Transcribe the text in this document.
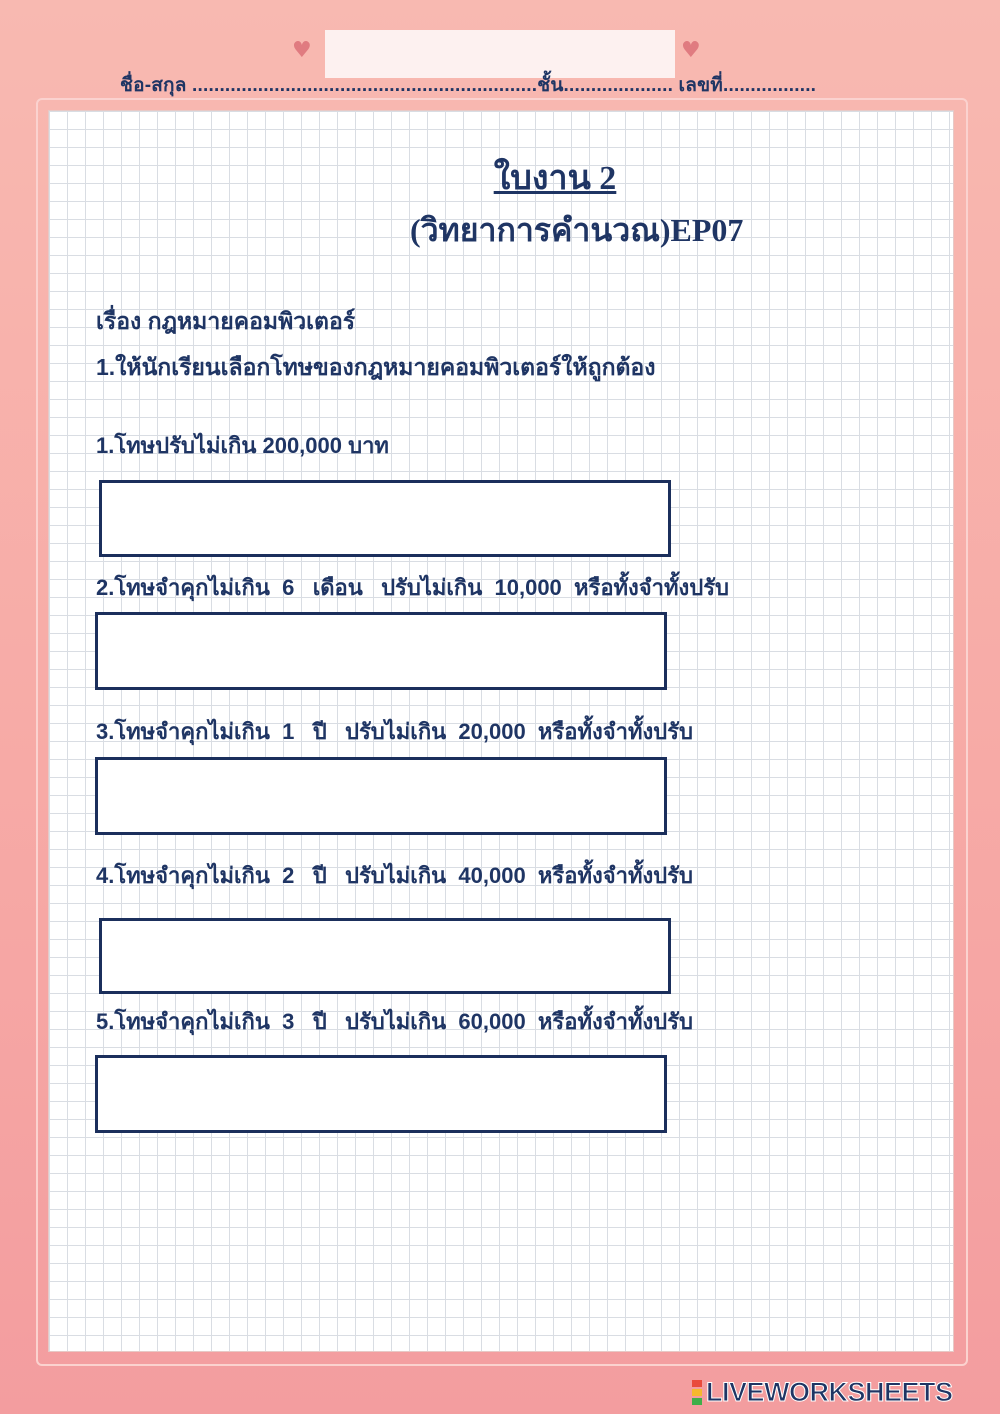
♥	♥
ชื่อ-สกุล ...............................................................ชั้น.................... เลขที่.................
ใบงาน 2
(วิทยาการคำนวณ)EP07
เรื่อง กฎหมายคอมพิวเตอร์
1.ให้นักเรียนเลือกโทษของกฎหมายคอมพิวเตอร์ให้ถูกต้อง
1.โทษปรับไม่เกิน 200,000 บาท
2.โทษจำคุกไม่เกิน  6   เดือน   ปรับไม่เกิน  10,000  หรือทั้งจำทั้งปรับ
3.โทษจำคุกไม่เกิน  1   ปี   ปรับไม่เกิน  20,000  หรือทั้งจำทั้งปรับ
4.โทษจำคุกไม่เกิน  2   ปี   ปรับไม่เกิน  40,000  หรือทั้งจำทั้งปรับ
5.โทษจำคุกไม่เกิน  3   ปี   ปรับไม่เกิน  60,000  หรือทั้งจำทั้งปรับ
LIVEWORKSHEETS
